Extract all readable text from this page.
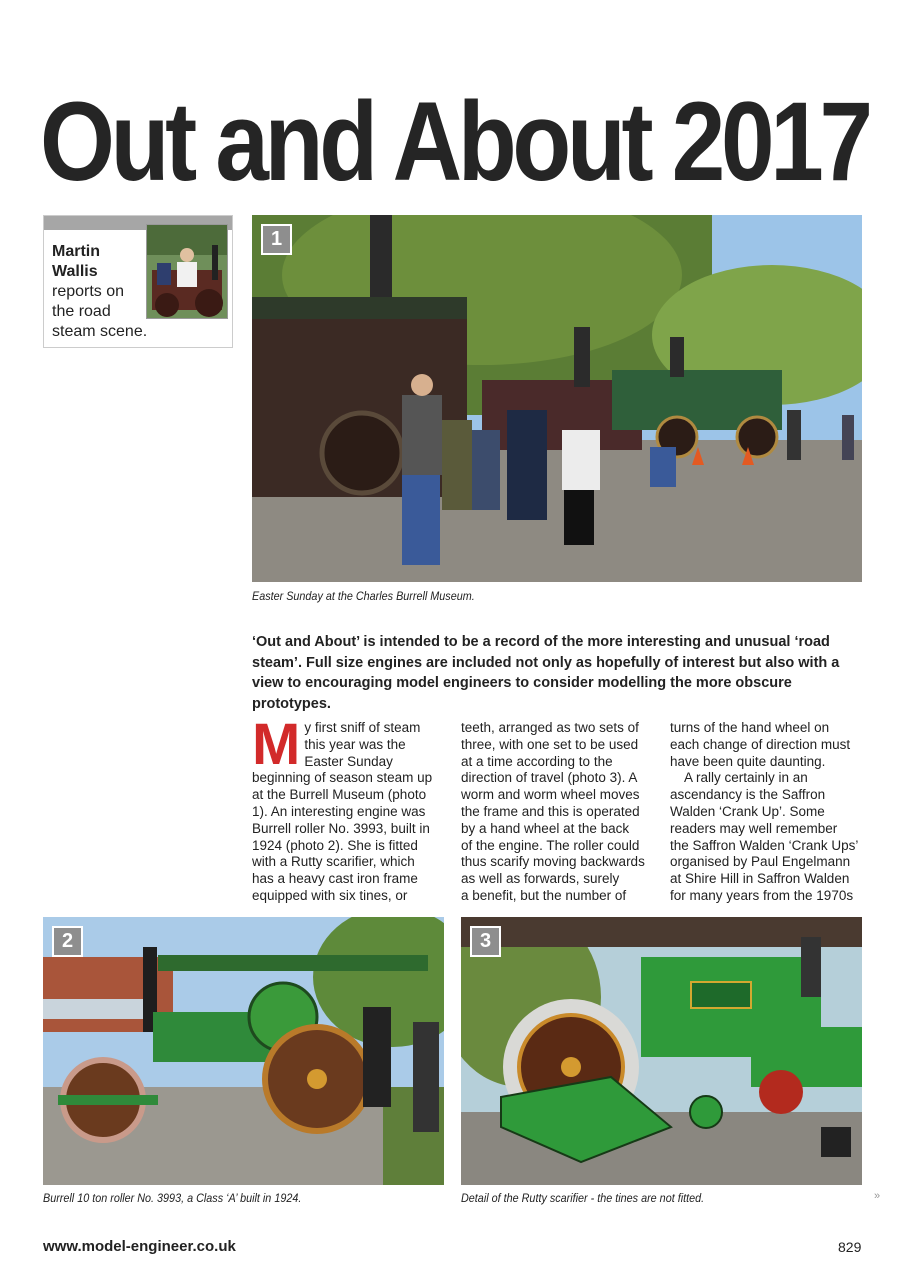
Out and About 2017
Martin
Wallis
reports on
the road
steam scene.
1
Easter Sunday at the Charles Burrell Museum.

‘Out and About’ is intended to be a record of the more interesting and unusual ‘road steam’. Full size engines are included not only as hopefully of interest but also with a view to encouraging model engineers to consider modelling the more obscure prototypes.

M y first sniff of steam
this year was the
Easter Sunday
beginning of season steam up
at the Burrell Museum (photo
1). An interesting engine was
Burrell roller No. 3993, built in
1924 (photo 2). She is fitted
with a Rutty scarifier, which
has a heavy cast iron frame
equipped with six tines, or
teeth, arranged as two sets of
three, with one set to be used
at a time according to the
direction of travel (photo 3). A
worm and worm wheel moves
the frame and this is operated
by a hand wheel at the back
of the engine. The roller could
thus scarify moving backwards
as well as forwards, surely
a benefit, but the number of
turns of the hand wheel on
each change of direction must
have been quite daunting.
A rally certainly in an
ascendancy is the Saffron
Walden ‘Crank Up’. Some
readers may well remember
the Saffron Walden ‘Crank Ups’
organised by Paul Engelmann
at Shire Hill in Saffron Walden
for many years from the 1970s
2
Burrell 10 ton roller No. 3993, a Class ‘A’ built in 1924.
3
Detail of the Rutty scarifier - the tines are not fitted.	»
www.model-engineer.co.uk	829
